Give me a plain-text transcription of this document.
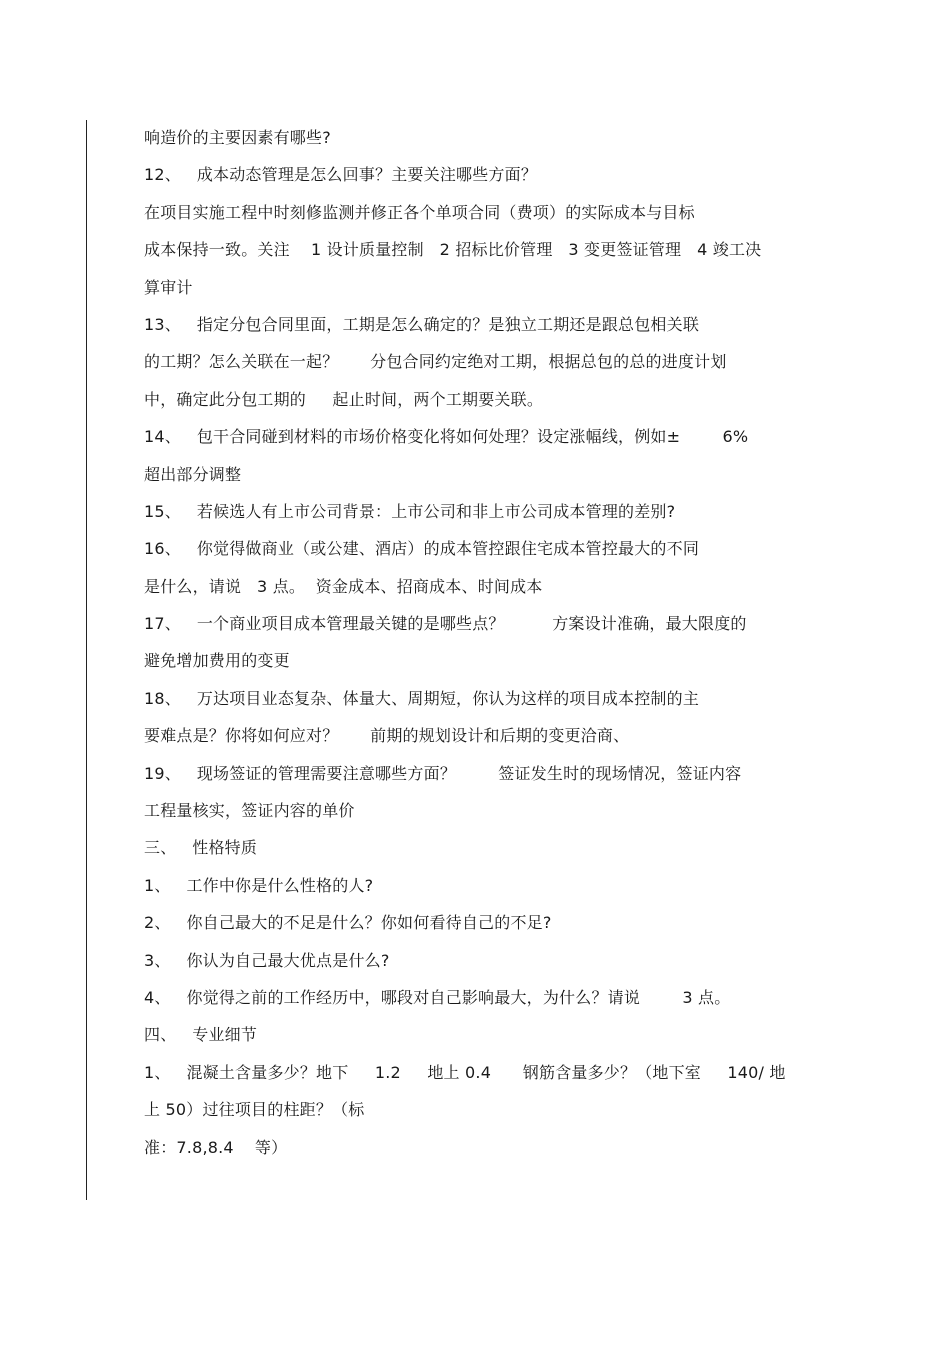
响造价的主要因素有哪些?
12、   成本动态管理是怎么回事？主要关注哪些方面？
在项目实施工程中时刻修监测并修正各个单项合同（费项）的实际成本与目标
成本保持一致。关注    1 设计质量控制   2 招标比价管理   3 变更签证管理   4 竣工决
算审计
13、   指定分包合同里面，工期是怎么确定的？是独立工期还是跟总包相关联
的工期？怎么关联在一起？      分包合同约定绝对工期，根据总包的总的进度计划
中，确定此分包工期的     起止时间，两个工期要关联。
14、   包干合同碰到材料的市场价格变化将如何处理？设定涨幅线，例如±        6%
超出部分调整
15、   若候选人有上市公司背景：上市公司和非上市公司成本管理的差别?
16、   你觉得做商业（或公建、酒店）的成本管控跟住宅成本管控最大的不同
是什么，请说   3 点。  资金成本、招商成本、时间成本
17、   一个商业项目成本管理最关键的是哪些点？         方案设计准确，最大限度的
避免增加费用的变更
18、   万达项目业态复杂、体量大、周期短，你认为这样的项目成本控制的主
要难点是？你将如何应对？      前期的规划设计和后期的变更洽商、
19、   现场签证的管理需要注意哪些方面？        签证发生时的现场情况，签证内容
工程量核实，签证内容的单价
三、   性格特质
1、   工作中你是什么性格的人?
2、   你自己最大的不足是什么？你如何看待自己的不足?
3、   你认为自己最大优点是什么?
4、   你觉得之前的工作经历中，哪段对自己影响最大，为什么？请说        3 点。
四、   专业细节
1、   混凝土含量多少？地下     1.2     地上 0.4      钢筋含量多少？（地下室     140/ 地
上 50）过往项目的柱距？（标
准：7.8,8.4    等）
